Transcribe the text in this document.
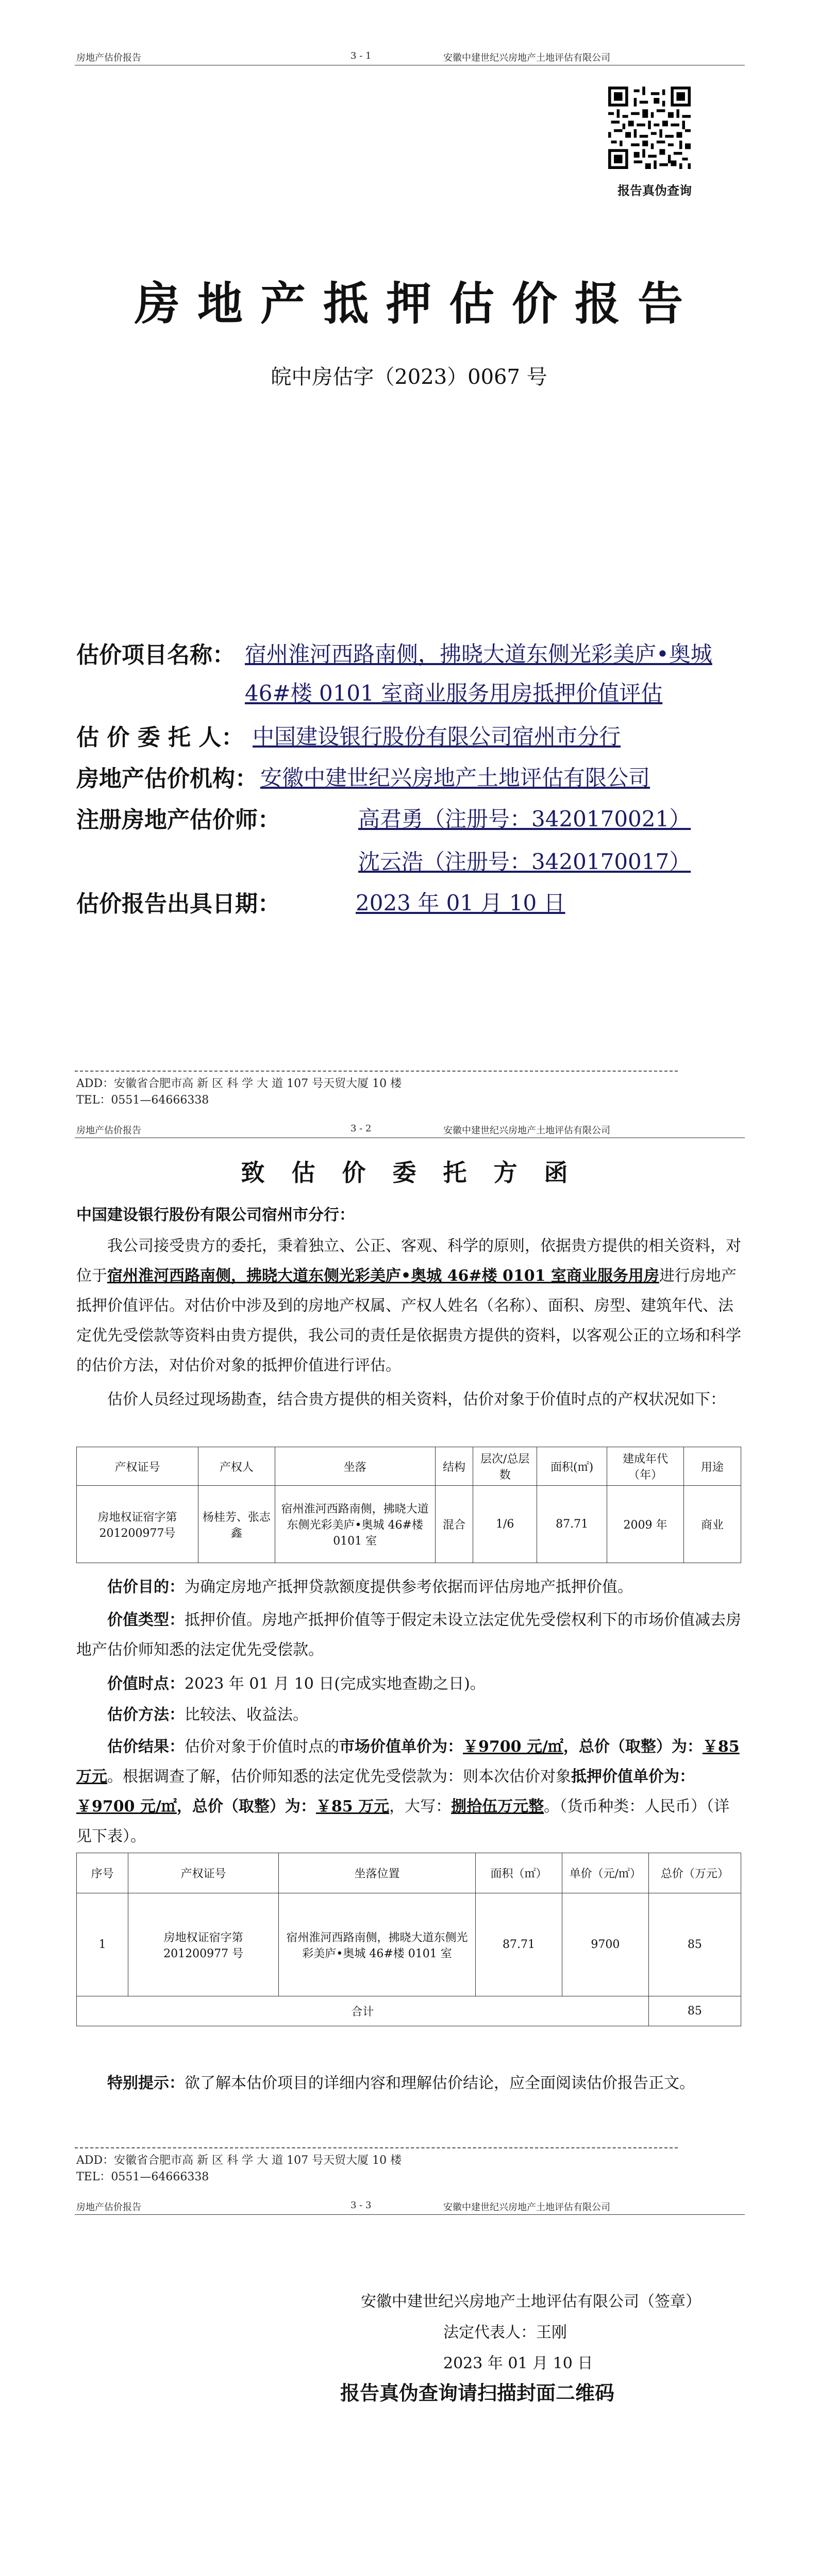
房地产估价报告	3 - 1	安徽中建世纪兴房地产土地评估有限公司
报告真伪查询
房地产抵押估价报告
皖中房估字（2023）0067 号
估价项目名称： 宿州淮河西路南侧，拂晓大道东侧光彩美庐•奥城
46#楼 0101 室商业服务用房抵押价值评估
估 价 委 托 人： 中国建设银行股份有限公司宿州市分行
房地产估价机构： 安徽中建世纪兴房地产土地评估有限公司
注册房地产估价师：	高君勇（注册号：3420170021）
沈云浩（注册号：3420170017）
估价报告出具日期：	2023 年 01 月 10 日
ADD：安徽省合肥市高 新 区 科 学 大 道 107 号天贸大厦 10 楼
TEL：0551—64666338
房地产估价报告	3 - 2	安徽中建世纪兴房地产土地评估有限公司
致 估 价 委 托 方 函
中国建设银行股份有限公司宿州市分行：
我公司接受贵方的委托，秉着独立、公正、客观、科学的原则，依据贵方提供的相关资料，对位于宿州淮河西路南侧，拂晓大道东侧光彩美庐•奥城 46#楼 0101 室商业服务用房进行房地产抵押价值评估。对估价中涉及到的房地产权属、产权人姓名（名称）、面积、房型、建筑年代、法定优先受偿款等资料由贵方提供，我公司的责任是依据贵方提供的资料，以客观公正的立场和科学的估价方法，对估价对象的抵押价值进行评估。
估价人员经过现场勘查，结合贵方提供的相关资料，估价对象于价值时点的产权状况如下：
产权证号	产权人	坐落	结构	层次/总层数	面积(㎡)	建成年代（年）	用途
房地权证宿字第201200977号	杨桂芳、张志鑫	宿州淮河西路南侧，拂晓大道东侧光彩美庐•奥城 46#楼 0101 室	混合	1/6	87.71	2009 年	商业
估价目的：为确定房地产抵押贷款额度提供参考依据而评估房地产抵押价值。
价值类型：抵押价值。房地产抵押价值等于假定未设立法定优先受偿权利下的市场价值减去房地产估价师知悉的法定优先受偿款。
价值时点：2023 年 01 月 10 日(完成实地查勘之日)。
估价方法：比较法、收益法。
估价结果：估价对象于价值时点的市场价值单价为：￥9700 元/㎡，总价（取整）为：￥85 万元。根据调查了解，估价师知悉的法定优先受偿款为：则本次估价对象抵押价值单价为：￥9700 元/㎡，总价（取整）为：￥85 万元，大写：捌拾伍万元整。（货币种类：人民币）（详见下表）。
序号	产权证号	坐落位置	面积（㎡）	单价（元/㎡）	总价（万元）
1	房地权证宿字第 201200977 号	宿州淮河西路南侧，拂晓大道东侧光彩美庐•奥城 46#楼 0101 室	87.71	9700	85
合计					85
特别提示：欲了解本估价项目的详细内容和理解估价结论，应全面阅读估价报告正文。
ADD：安徽省合肥市高 新 区 科 学 大 道 107 号天贸大厦 10 楼
TEL：0551—64666338
房地产估价报告	3 - 3	安徽中建世纪兴房地产土地评估有限公司
安徽中建世纪兴房地产土地评估有限公司（签章）
法定代表人：王刚
2023 年 01 月 10 日
报告真伪查询请扫描封面二维码
